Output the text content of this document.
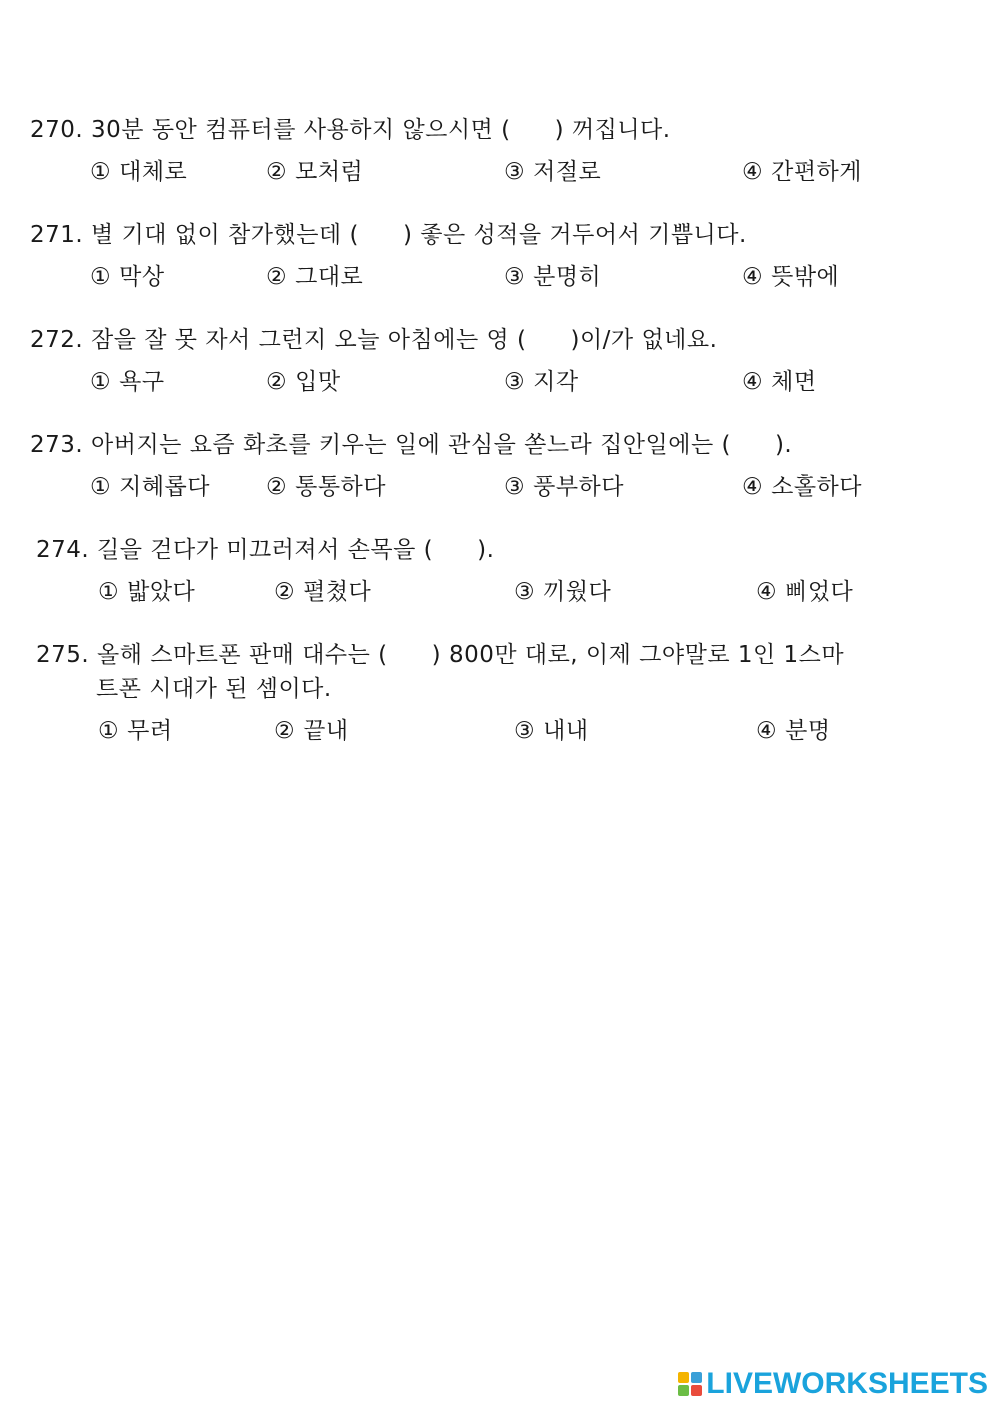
270. 30분 동안 컴퓨터를 사용하지 않으시면 ( ) 꺼집니다.
① 대체로	② 모처럼	③ 저절로	④ 간편하게
271. 별 기대 없이 참가했는데 ( ) 좋은 성적을 거두어서 기쁩니다.
① 막상	② 그대로	③ 분명히	④ 뜻밖에
272. 잠을 잘 못 자서 그런지 오늘 아침에는 영 ( )이/가 없네요.
① 욕구	② 입맛	③ 지각	④ 체면
273. 아버지는 요즘 화초를 키우는 일에 관심을 쏟느라 집안일에는 ( ).
① 지혜롭다 ② 통통하다	③ 풍부하다	④ 소홀하다
274. 길을 걷다가 미끄러져서 손목을 ( ).
① 밟았다	② 펼쳤다	③ 끼웠다	④ 삐었다
275. 올해 스마트폰 판매 대수는 ( ) 800만 대로, 이제 그야말로 1인 1스마
트폰 시대가 된 셈이다.
① 무려	② 끝내	③ 내내	④ 분명
LIVEWORKSHEETS
